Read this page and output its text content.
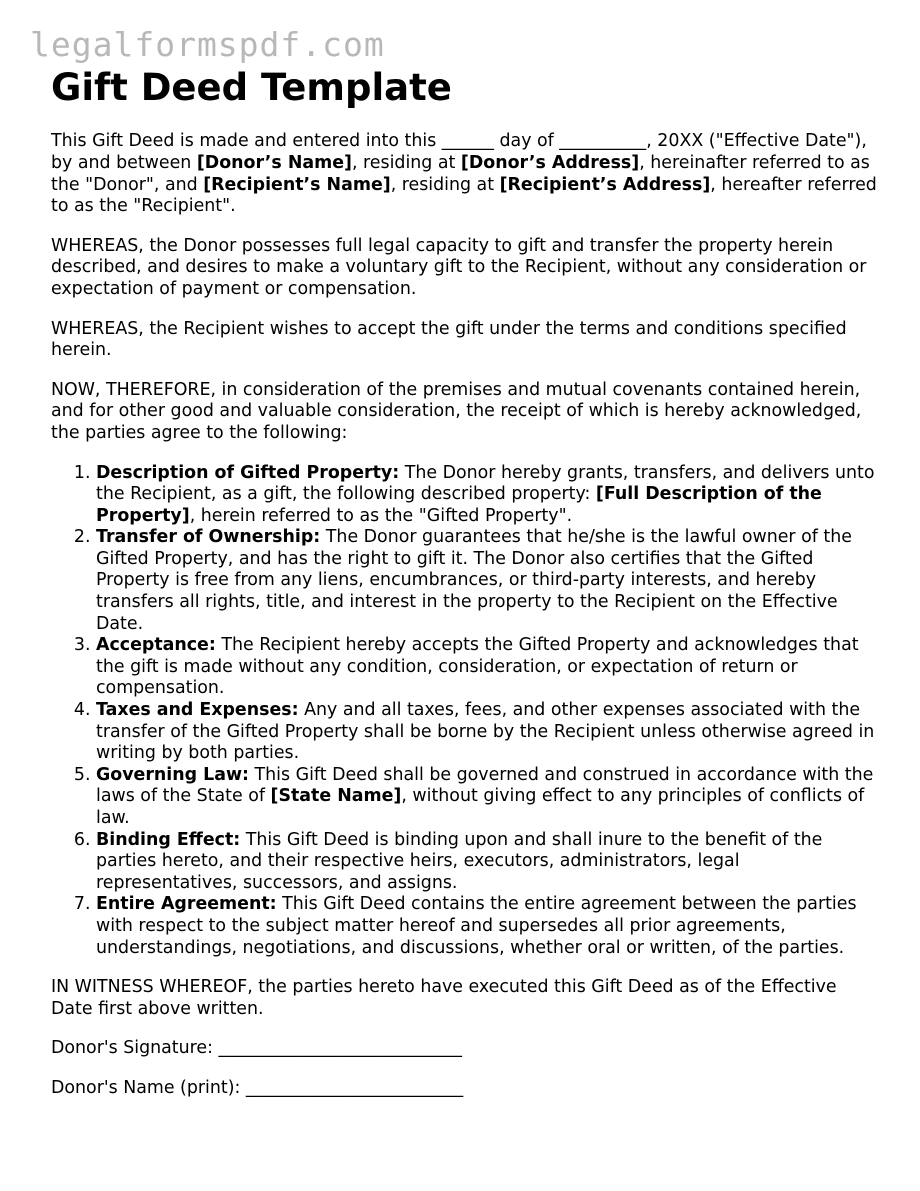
legalformspdf.com
Gift Deed Template

This Gift Deed is made and entered into this ______ day of __________, 20XX ("Effective Date"), by and between [Donor’s Name], residing at [Donor’s Address], hereinafter referred to as the "Donor", and [Recipient’s Name], residing at [Recipient’s Address], hereafter referred to as the "Recipient".

WHEREAS, the Donor possesses full legal capacity to gift and transfer the property herein described, and desires to make a voluntary gift to the Recipient, without any consideration or expectation of payment or compensation.

WHEREAS, the Recipient wishes to accept the gift under the terms and conditions specified herein.

NOW, THEREFORE, in consideration of the premises and mutual covenants contained herein, and for other good and valuable consideration, the receipt of which is hereby acknowledged, the parties agree to the following:

1. Description of Gifted Property: The Donor hereby grants, transfers, and delivers unto the Recipient, as a gift, the following described property: [Full Description of the Property], herein referred to as the "Gifted Property".
2. Transfer of Ownership: The Donor guarantees that he/she is the lawful owner of the Gifted Property, and has the right to gift it. The Donor also certifies that the Gifted Property is free from any liens, encumbrances, or third-party interests, and hereby transfers all rights, title, and interest in the property to the Recipient on the Effective Date.
3. Acceptance: The Recipient hereby accepts the Gifted Property and acknowledges that the gift is made without any condition, consideration, or expectation of return or compensation.
4. Taxes and Expenses: Any and all taxes, fees, and other expenses associated with the transfer of the Gifted Property shall be borne by the Recipient unless otherwise agreed in writing by both parties.
5. Governing Law: This Gift Deed shall be governed and construed in accordance with the laws of the State of [State Name], without giving effect to any principles of conflicts of law.
6. Binding Effect: This Gift Deed is binding upon and shall inure to the benefit of the parties hereto, and their respective heirs, executors, administrators, legal representatives, successors, and assigns.
7. Entire Agreement: This Gift Deed contains the entire agreement between the parties with respect to the subject matter hereof and supersedes all prior agreements, understandings, negotiations, and discussions, whether oral or written, of the parties.

IN WITNESS WHEREOF, the parties hereto have executed this Gift Deed as of the Effective Date first above written.

Donor's Signature: ____________________________

Donor's Name (print): _________________________
